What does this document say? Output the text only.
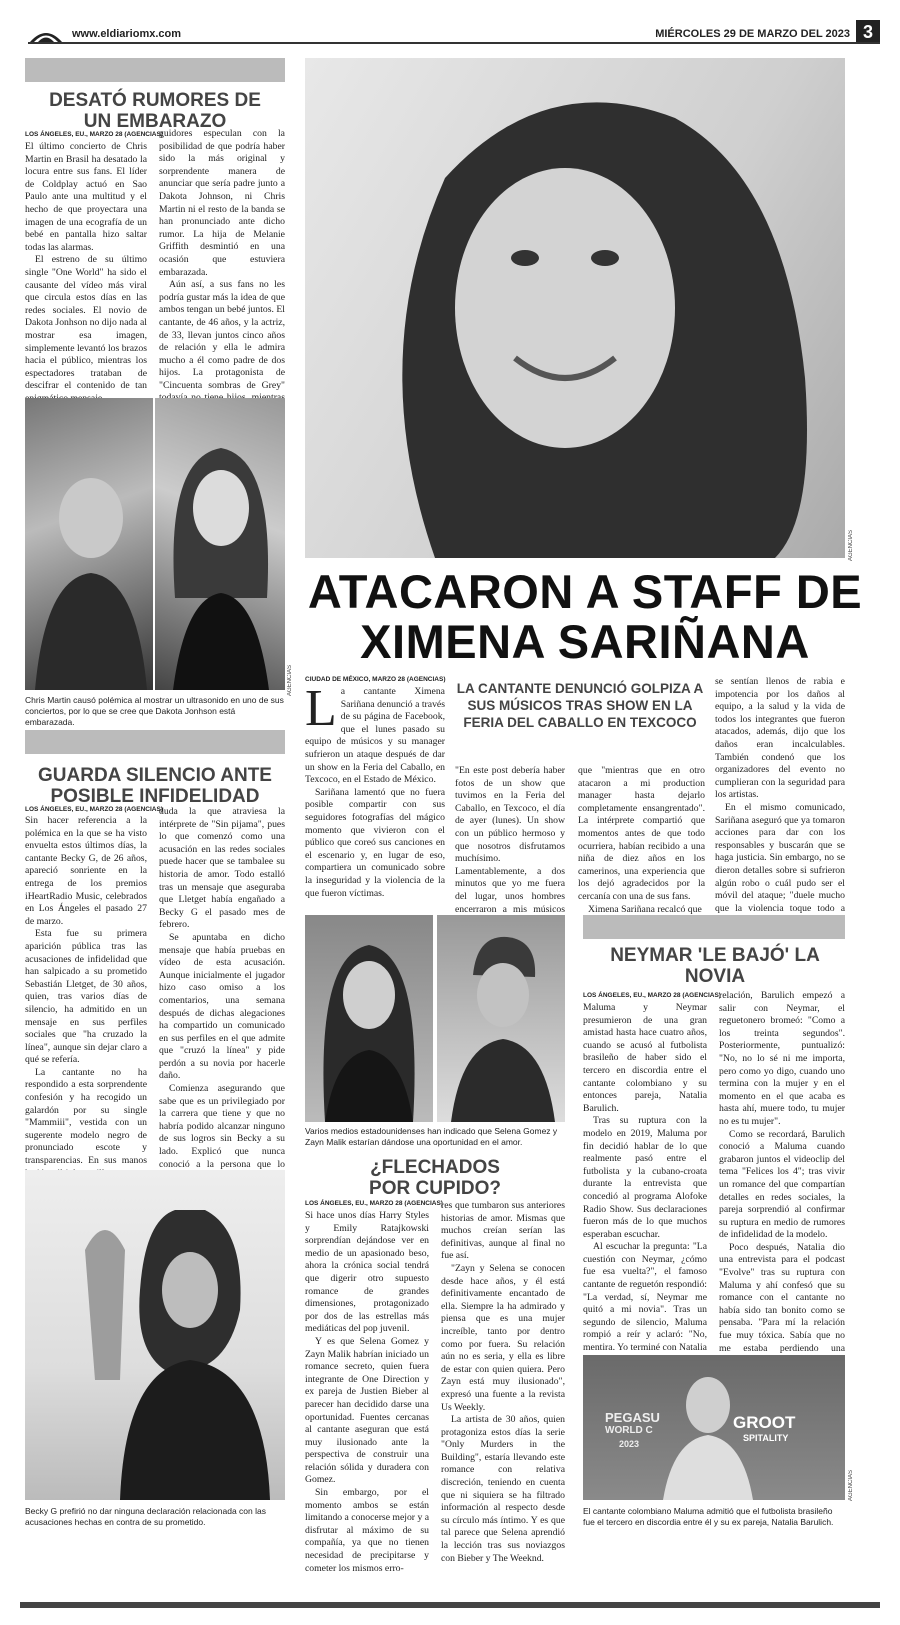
www.eldiariomx.com	MIÉRCOLES 29 DE MARZO DEL 2023 3
DESATÓ RUMORES DE UN EMBARAZO
LOS ÁNGELES, EU., MARZO 28 (AGENCIAS)

El último concierto de Chris Martin en Brasil ha desatado la locura entre sus fans. El líder de Coldplay actuó en Sao Paulo ante una multitud y el hecho de que proyectara una imagen de una ecografía de un bebé en pantalla hizo saltar todas las alarmas.

El estreno de su último single "One World" ha sido el causante del vídeo más viral que circula estos días en las redes sociales. El novio de Dakota Jonhson no dijo nada al mostrar esa imagen, simplemente levantó los brazos hacia el público, mientras los espectadores trataban de descifrar el contenido de tan

guidores especulan con la posibilidad de que podría haber sido la más original y sorprendente manera de anunciar que sería padre junto a Dakota Johnson, ni Chris Martin ni el resto de la banda se han pronunciado ante dicho rumor. La hija de Melanie Griffith desmintió en una ocasión que estuviera embarazada.

Aún así, a sus fans no les podría gustar más la idea de que ambos tengan un bebé juntos. El cantante, de 46 años, y la actriz, de 33, llevan juntos cinco años de relación y ella le admira mucho a él como padre de dos hijos. La protagonista de "Cincuenta sombras de Grey"

AGENCIAS
Chris Martin causó polémica al mostrar un ultrasonido en uno de sus conciertos, por lo que se cree que Dakota Jonhson está embarazada.
GUARDA SILENCIO ANTE POSIBLE INFIDELIDAD
LOS ÁNGELES, EU., MARZO 28 (AGENCIAS)

Sin hacer referencia a la polémica en la que se ha visto envuelta estos últimos días, la cantante Becky G, de 26 años, apareció sonriente en la entrega de los premios iHeartRadio Music, celebrados en Los Ángeles el pasado 27 de marzo.

Esta fue su primera aparición pública tras las acusaciones de infidelidad que han salpicado a su prometido Sebastián Lletget, de 30 años, quien, tras varios días de silencio, ha admitido en un mensaje en sus perfiles sociales que "ha cruzado la línea", aunque sin dejar claro a qué se refería.

La cantante no ha respondido a esta sorprendente confesión y ha recogido un galardón por su single "Mammiii", vestida con un sugerente modelo negro de pronunciado escote y transparencias. En sus manos

duda la que atraviesa la intérprete de "Sin pijama", pues lo que comenzó como una acusación en las redes sociales puede hacer que se tambalee su historia de amor. Todo estalló tras un mensaje que aseguraba que Lletget había engañado a Becky G el pasado mes de febrero.

Se apuntaba en dicho mensaje que había pruebas en vídeo de esta acusación. Aunque inicialmente el jugador hizo caso omiso a los comentarios, una semana después de dichas alegaciones ha compartido un comunicado en sus perfiles en el que admite que "cruzó la línea" y pide perdón a su novia por hacerle daño.

Comienza asegurando que sabe que es un privilegiado por la carrera que tiene y que no habría podido alcanzar ninguno de sus logros sin Becky a su lado. Explicó que nunca conoció a la persona que lo

Becky G prefirió no dar ninguna declaración relacionada con las acusaciones hechas en contra de su prometido.
AGENCIAS
ATACARON A STAFF DE XIMENA SARIÑANA
CIUDAD DE MÉXICO, MARZO 28 (AGENCIAS)

La cantante Ximena Sariñana denunció a través de su página de Facebook, que el lunes pasado su equipo de músicos y su manager sufrieron un ataque después de dar un show en la Feria del Caballo, en Texcoco, en el Estado de México.

Sariñana lamentó que no fuera posible compartir con sus seguidores fotografías del mágico momento que vivieron con el público que coreó sus canciones en el escenario y, en lugar de eso, compartiera un comunicado sobre la inseguridad y la violencia de la que fueron víctimas.

LA CANTANTE DENUNCIÓ GOLPIZA A SUS MÚSICOS TRAS SHOW EN LA FERIA DEL CABALLO EN TEXCOCO

"En este post debería haber fotos de un show que tuvimos en la Feria del Caballo, en Texcoco, el día de ayer (lunes). Un show con un público hermoso y que nosotros disfrutamos muchísimo. Lamentablemente, a dos minutos que yo me fuera del lugar, unos hombres encerraron a mis músicos

que "mientras que en otro atacaron a mi production manager hasta dejarlo completamente ensangrentado". La intérprete compartió que momentos antes de que todo ocurriera, habían recibido a una niña de diez años en los camerinos, una experiencia que los dejó agradecidos por la cercanía con una de sus fans.

Ximena Sariñana recalcó que

se sentían llenos de rabia e impotencia por los daños al equipo, a la salud y la vida de todos los integrantes que fueron atacados, además, dijo que los daños eran incalculables. También condenó que los organizadores del evento no cumplieran con la seguridad para los artistas.

En el mismo comunicado, Sariñana aseguró que ya tomaron acciones para dar con los responsables y buscarán que se haga justicia. Sin embargo, no se dieron detalles sobre si sufrieron algún robo o cuál pudo ser el móvil del ataque; "duele mucho que la violencia toque todo a

Varios medios estadounidenses han indicado que Selena Gomez y Zayn Malik estarían dándose una oportunidad en el amor.
¿FLECHADOS POR CUPIDO?
LOS ÁNGELES, EU., MARZO 28 (AGENCIAS)

Si hace unos días Harry Styles y Emily Ratajkowski sorprendían dejándose ver en medio de un apasionado beso, ahora la crónica social tendrá que digerir otro supuesto romance de grandes dimensiones, protagonizado por dos de las estrellas más mediáticas del pop juvenil.

Y es que Selena Gomez y Zayn Malik habrían iniciado un romance secreto, quien fuera integrante de One Direction y ex pareja de Justien Bieber al parecer han decidido darse una oportunidad. Fuentes cercanas al cantante aseguran que está muy ilusionado ante la perspectiva de construir una relación sólida y duradera con Gomez.

Sin embargo, por el momento ambos se están limitando a conocerse mejor y a disfrutar al máximo de su compañía, ya que no tienen necesidad de precipitarse y cometer los mismos erro-

res que tumbaron sus anteriores historias de amor. Mismas que muchos creían serían las definitivas, aunque al final no fue así.

"Zayn y Selena se conocen desde hace años, y él está definitivamente encantado de ella. Siempre la ha admirado y piensa que es una mujer increíble, tanto por dentro como por fuera. Su relación aún no es seria, y ella es libre de estar con quien quiera. Pero Zayn está muy ilusionado", expresó una fuente a la revista Us Weekly.

La artista de 30 años, quien protagoniza estos días la serie "Only Murders in the Building", estaría llevando este romance con relativa discreción, teniendo en cuenta que ni siquiera se ha filtrado información al respecto desde su círculo más íntimo. Y es que tal parece que Selena aprendió la lección tras sus noviazgos con Bieber y The Weeknd.

NEYMAR 'LE BAJÓ' LA NOVIA
LOS ÁNGELES, EU., MARZO 28 (AGENCIAS)

Maluma y Neymar presumieron de una gran amistad hasta hace cuatro años, cuando se acusó al futbolista brasileño de haber sido el tercero en discordia entre el cantante colombiano y su entonces pareja, Natalia Barulich.

Tras su ruptura con la modelo en 2019, Maluma por fin decidió hablar de lo que realmente pasó entre el futbolista y la cubano-croata durante la entrevista que concedió al programa Alofoke Radio Show. Sus declaraciones fueron más de lo que muchos esperaban escuchar.

Al escuchar la pregunta: "La cuestión con Neymar, ¿cómo fue esa vuelta?", el famoso cantante de reguetón respondió: "La verdad, sí, Neymar me quitó a mi novia". Tras un segundo de silencio, Maluma rompió a reír y aclaró: "No, mentira. Yo terminé con Natalia

relación, Barulich empezó a salir con Neymar, el reguetonero bromeó: "Como a los treinta segundos". Posteriormente, puntualizó: "No, no lo sé ni me importa, pero como yo digo, cuando uno termina con la mujer y en el momento en el que acaba es hasta ahí, muere todo, tu mujer no es tu mujer".

Como se recordará, Barulich conoció a Maluma cuando grabaron juntos el videoclip del tema "Felices los 4"; tras vivir un romance del que compartían detalles en redes sociales, la pareja sorprendió al confirmar su ruptura en medio de rumores de infidelidad de la modelo.

Poco después, Natalia dio una entrevista para el podcast "Evolve" tras su ruptura con Maluma y ahí confesó que su romance con el cantante no había sido tan bonito como se pensaba. "Para mí la relación fue muy tóxica. Sabía que no me estaba perdiendo una

PEGASU
WORLD C
2023
GROOT
SPITALITY
AGENCIAS
El cantante colombiano Maluma admitió que el futbolista brasileño fue el tercero en discordia entre él y su ex pareja, Natalia Barulich.
